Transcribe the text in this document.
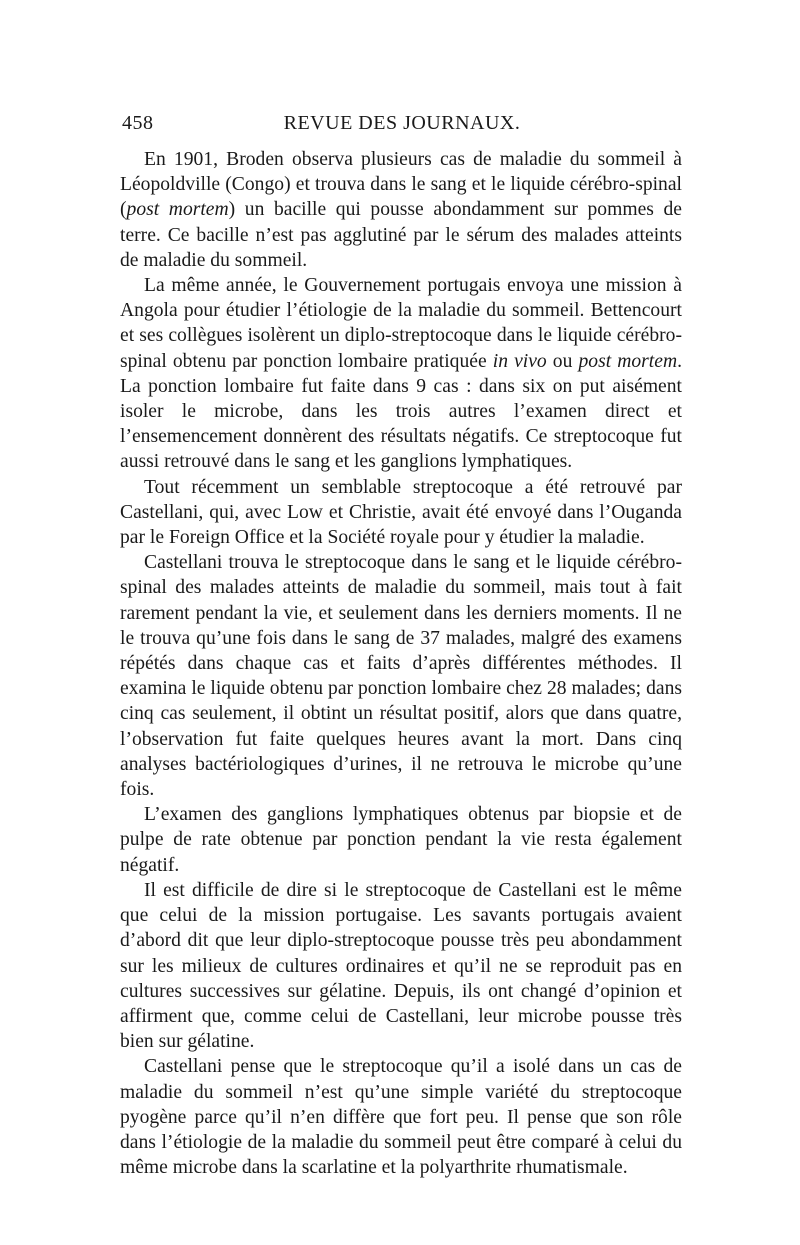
458	REVUE DES JOURNAUX.

En 1901, Broden observa plusieurs cas de maladie du sommeil à Léopoldville (Congo) et trouva dans le sang et le liquide cérébro-spinal (post mortem) un bacille qui pousse abondamment sur pommes de terre. Ce bacille n’est pas agglutiné par le sérum des malades atteints de maladie du sommeil.

La même année, le Gouvernement portugais envoya une mission à Angola pour étudier l’étiologie de la maladie du sommeil. Bettencourt et ses collègues isolèrent un diplo-streptocoque dans le liquide cérébro-spinal obtenu par ponction lombaire pratiquée in vivo ou post mortem. La ponction lombaire fut faite dans 9 cas : dans six on put aisément isoler le microbe, dans les trois autres l’examen direct et l’ensemencement donnèrent des résultats négatifs. Ce streptocoque fut aussi retrouvé dans le sang et les ganglions lymphatiques.

Tout récemment un semblable streptocoque a été retrouvé par Castellani, qui, avec Low et Christie, avait été envoyé dans l’Ouganda par le Foreign Office et la Société royale pour y étudier la maladie.

Castellani trouva le streptocoque dans le sang et le liquide cérébro-spinal des malades atteints de maladie du sommeil, mais tout à fait rarement pendant la vie, et seulement dans les derniers moments. Il ne le trouva qu’une fois dans le sang de 37 malades, malgré des examens répétés dans chaque cas et faits d’après différentes méthodes. Il examina le liquide obtenu par ponction lombaire chez 28 malades; dans cinq cas seulement, il obtint un résultat positif, alors que dans quatre, l’observation fut faite quelques heures avant la mort. Dans cinq analyses bactériologiques d’urines, il ne retrouva le microbe qu’une fois.

L’examen des ganglions lymphatiques obtenus par biopsie et de pulpe de rate obtenue par ponction pendant la vie resta également négatif.

Il est difficile de dire si le streptocoque de Castellani est le même que celui de la mission portugaise. Les savants portugais avaient d’abord dit que leur diplo-streptocoque pousse très peu abondamment sur les milieux de cultures ordinaires et qu’il ne se reproduit pas en cultures successives sur gélatine. Depuis, ils ont changé d’opinion et affirment que, comme celui de Castellani, leur microbe pousse très bien sur gélatine.

Castellani pense que le streptocoque qu’il a isolé dans un cas de maladie du sommeil n’est qu’une simple variété du streptocoque pyogène parce qu’il n’en diffère que fort peu. Il pense que son rôle dans l’étiologie de la maladie du sommeil peut être comparé à celui du même microbe dans la scarlatine et la polyarthrite rhumatismale.
